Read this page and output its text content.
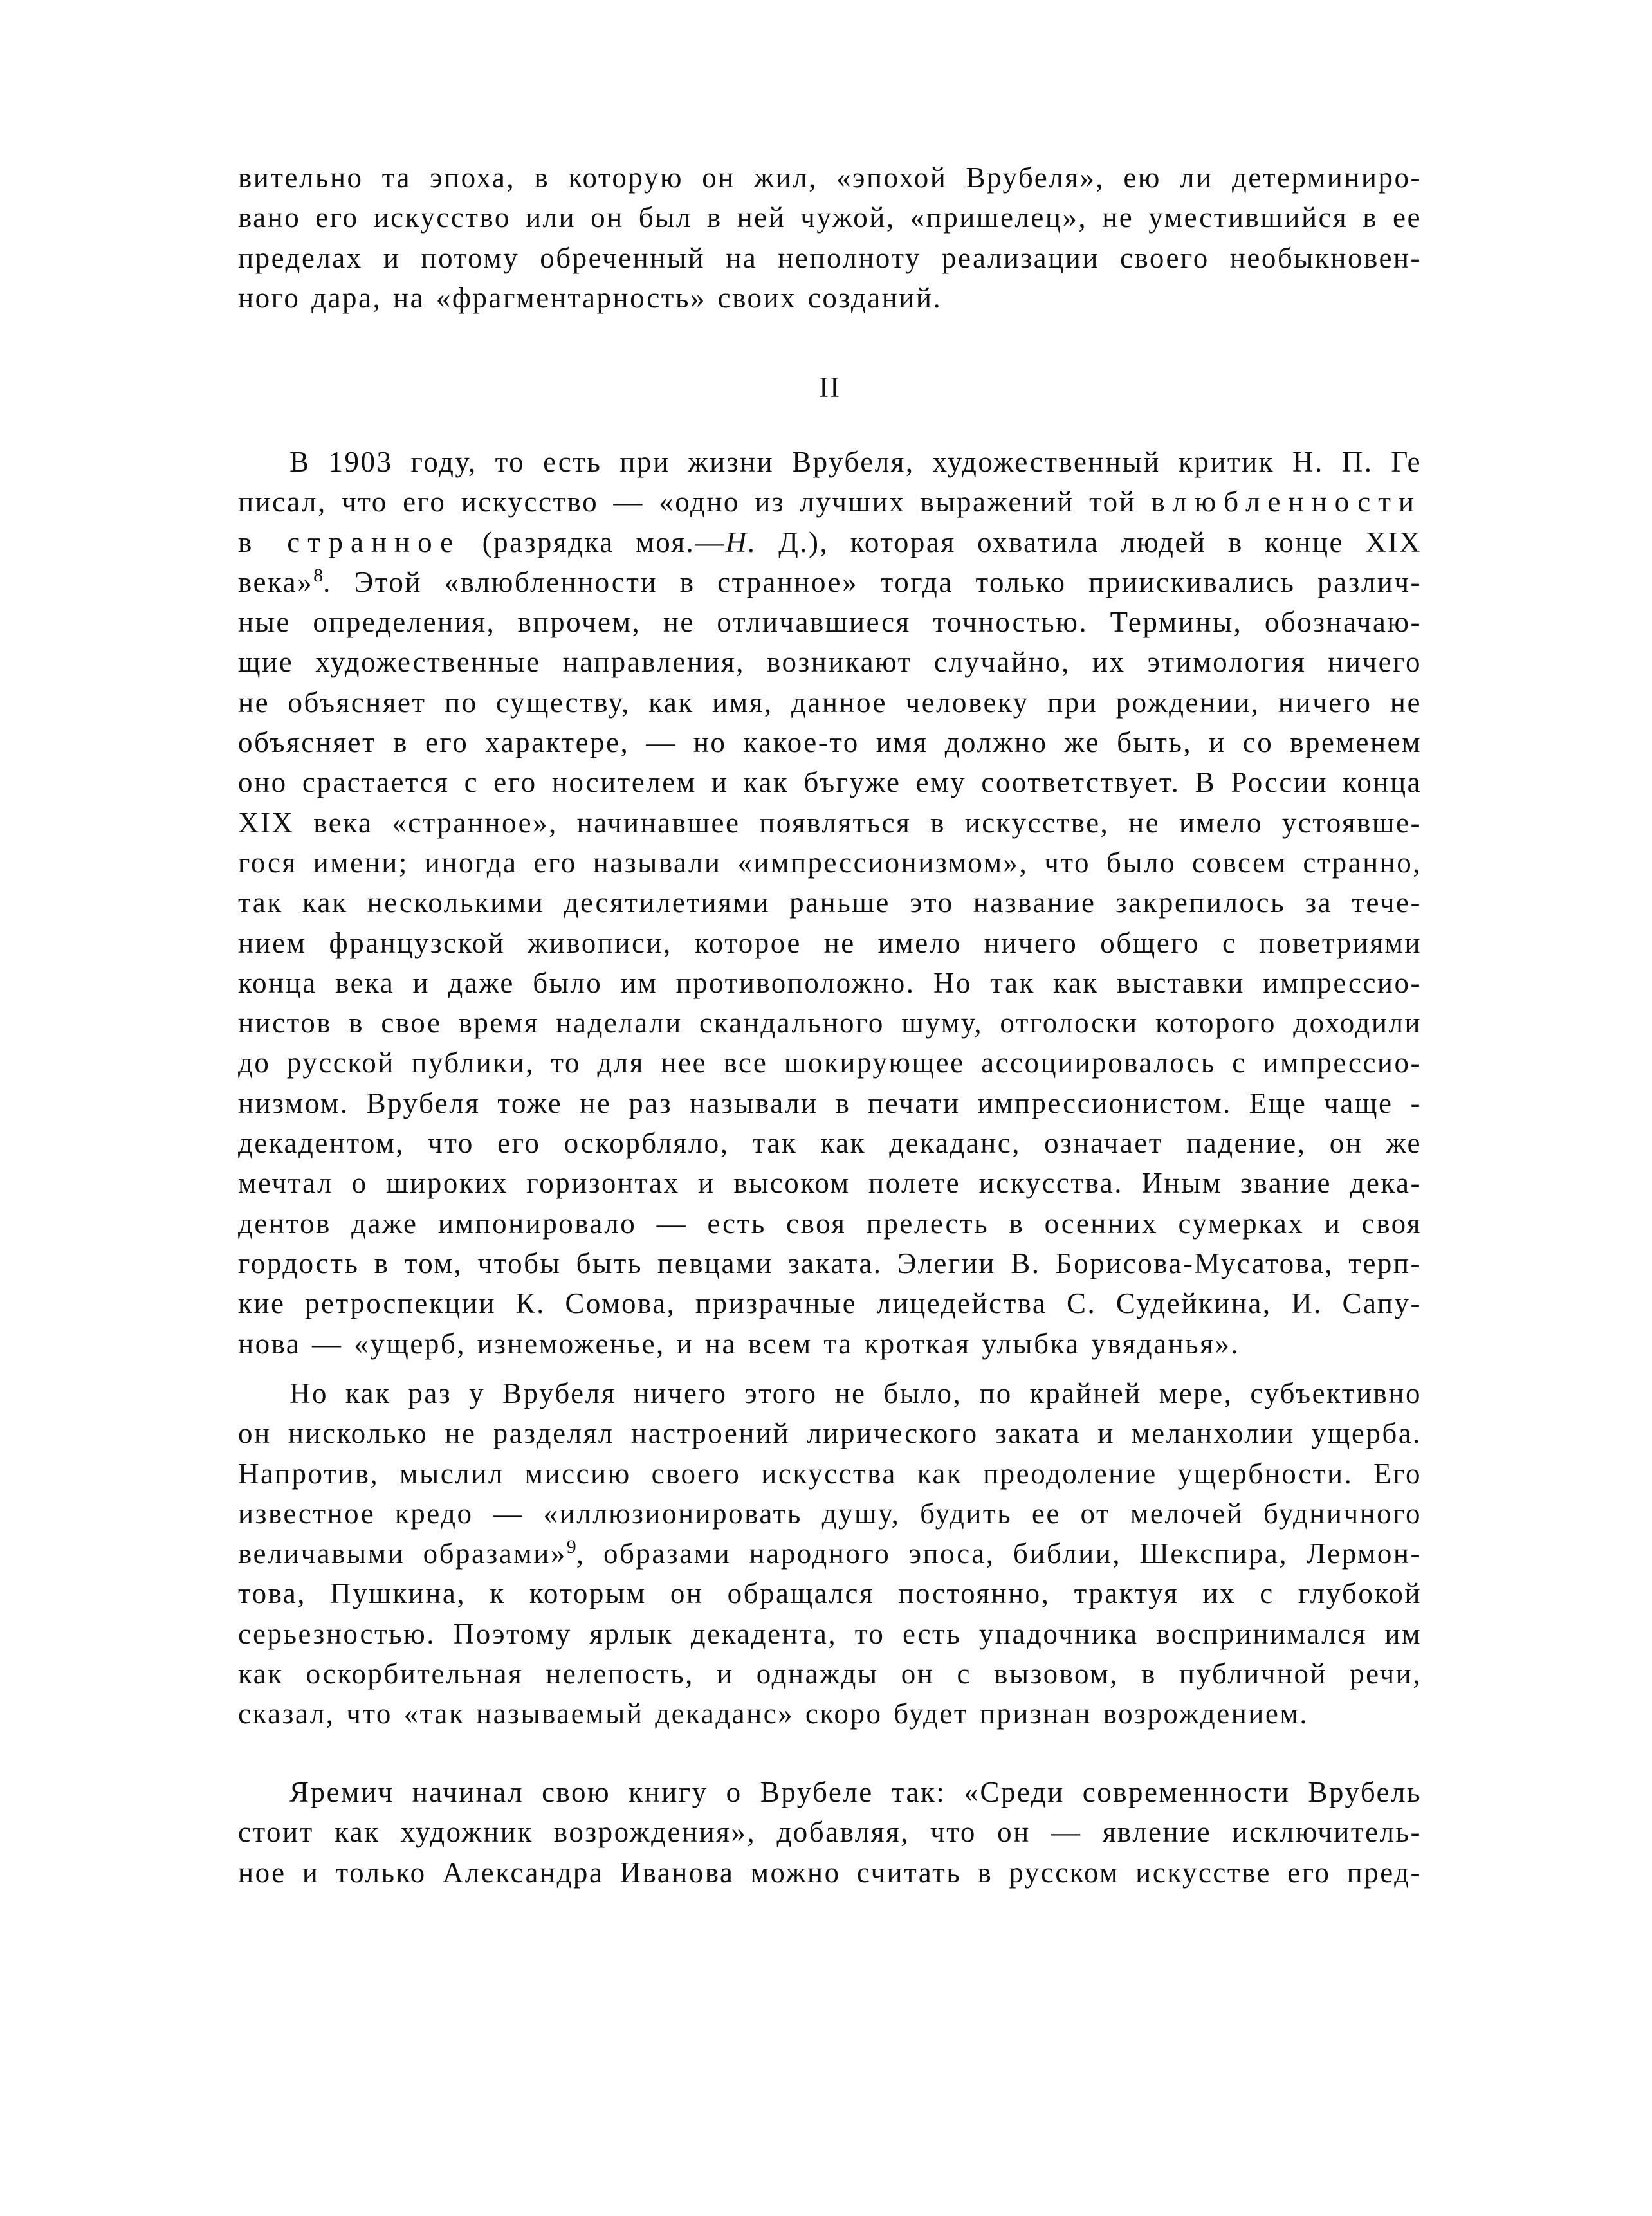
вительно та эпоха, в которую он жил, «эпохой Врубеля», ею ли детерминиро-
вано его искусство или он был в ней чужой, «пришелец», не уместившийся в ее
пределах и потому обреченный на неполноту реализации своего необыкновен-
ного дара, на «фрагментарность» своих созданий.
II
В 1903 году, то есть при жизни Врубеля, художественный критик Н. П. Ге
писал, что его искусство — «одно из лучших выражений той влюбленности
в странное (разрядка моя.—Н. Д.), которая охватила людей в конце XIX
века»$^8$. Этой «влюбленности в странное» тогда только приискивались различ-
ные определения, впрочем, не отличавшиеся точностью. Термины, обозначаю-
щие художественные направления, возникают случайно, их этимология ничего
не объясняет по существу, как имя, данное человеку при рождении, ничего не
объясняет в его характере, — но какое-то имя должно же быть, и со временем
оно срастается с его носителем и как бъгуже ему соответствует. В России конца
XIX века «странное», начинавшее появляться в искусстве, не имело устоявше-
гося имени; иногда его называли «импрессионизмом», что было совсем странно,
так как несколькими десятилетиями раньше это название закрепилось за тече-
нием французской живописи, которое не имело ничего общего с поветриями
конца века и даже было им противоположно. Но так как выставки импрессио-
нистов в свое время наделали скандального шуму, отголоски которого доходили
до русской публики, то для нее все шокирующее ассоциировалось с импрессио-
низмом. Врубеля тоже не раз называли в печати импрессионистом. Еще чаще -
декадентом, что его оскорбляло, так как декаданс, означает падение, он же
мечтал о широких горизонтах и высоком полете искусства. Иным звание дека-
дентов даже импонировало — есть своя прелесть в осенних сумерках и своя
гордость в том, чтобы быть певцами заката. Элегии В. Борисова-Мусатова, терп-
кие ретроспекции К. Сомова, призрачные лицедейства С. Судейкина, И. Сапу-
нова — «ущерб, изнеможенье, и на всем та кроткая улыбка увяданья».
Но как раз у Врубеля ничего этого не было, по крайней мере, субъективно
он нисколько не разделял настроений лирического заката и меланхолии ущерба.
Напротив, мыслил миссию своего искусства как преодоление ущербности. Его
известное кредо — «иллюзионировать душу, будить ее от мелочей будничного
величавыми образами»$^9$, образами народного эпоса, библии, Шекспира, Лермон-
това, Пушкина, к которым он обращался постоянно, трактуя их с глубокой
серьезностью. Поэтому ярлык декадента, то есть упадочника воспринимался им
как оскорбительная нелепость, и однажды он с вызовом, в публичной речи,
сказал, что «так называемый декаданс» скоро будет признан возрождением.
Яремич начинал свою книгу о Врубеле так: «Среди современности Врубель
стоит как художник возрождения», добавляя, что он — явление исключитель-
ное и только Александра Иванова можно считать в русском искусстве его пред-
